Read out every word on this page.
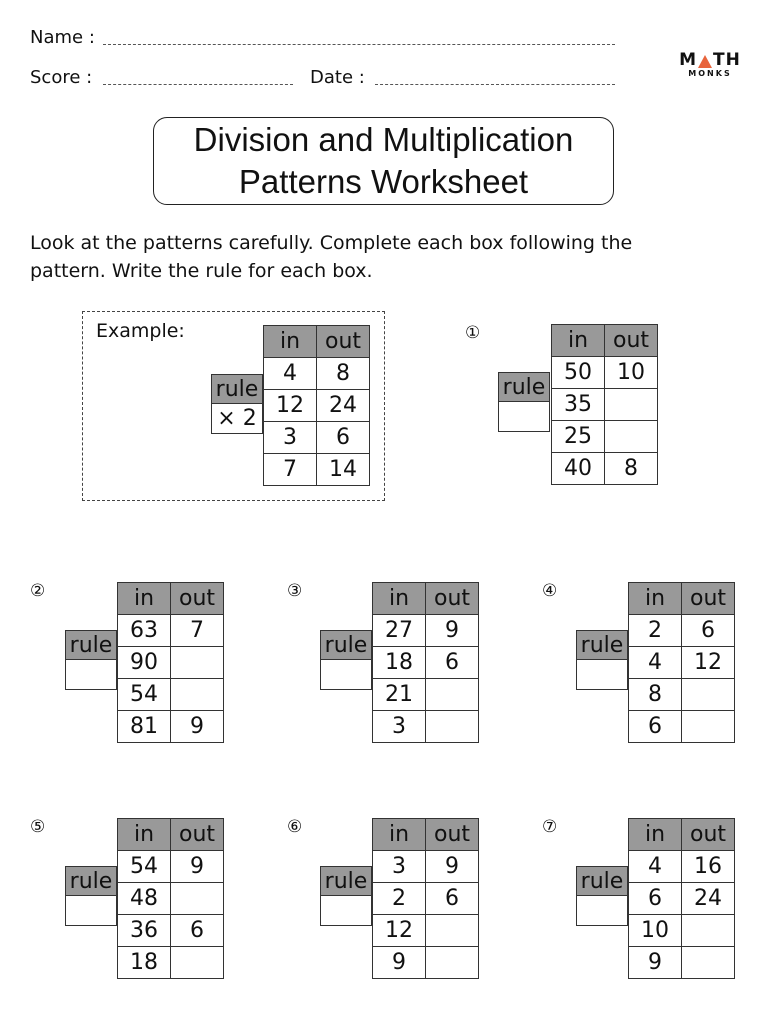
Name :
Score :	Date :
M TH
MONKS
Division and Multiplication
Patterns Worksheet
Look at the patterns carefully. Complete each box following the
pattern. Write the rule for each box.
Example:
rule
× 2
in	out
4	8
12	24
3	6
7	14
①
rule
in	out
50	10
35	
25	
40	8
②
rule
in	out
63	7
90	
54	
81	9
③
rule
in	out
27	9
18	6
21	
3	
④
rule
in	out
2	6
4	12
8	
6	
⑤
rule
in	out
54	9
48	
36	6
18	
⑥
rule
in	out
3	9
2	6
12	
9	
⑦
rule
in	out
4	16
6	24
10	
9	
